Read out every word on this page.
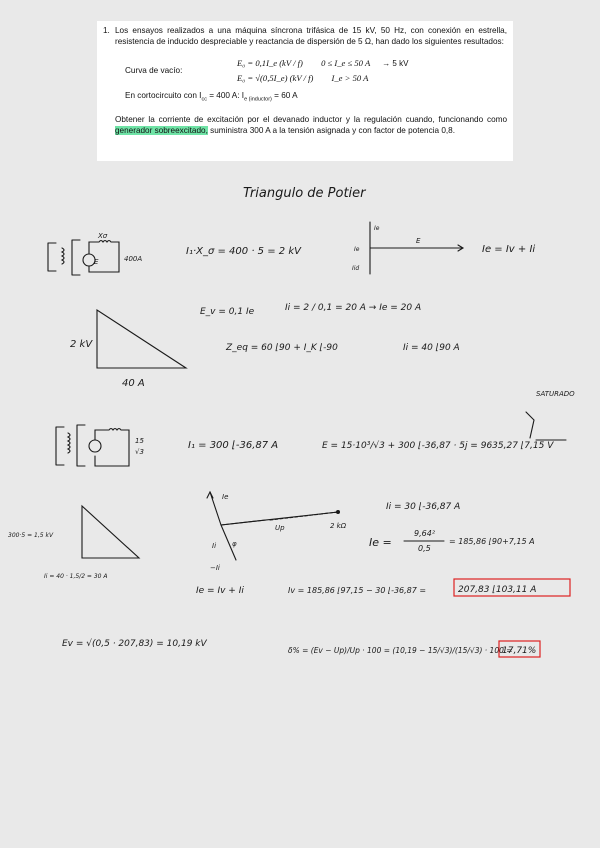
1. Los ensayos realizados a una máquina síncrona trifásica de 15 kV, 50 Hz, con conexión en estrella, resistencia de inducido despreciable y reactancia de dispersión de 5 Ω, han dado los siguientes resultados:
Curva de vacío:
E₀ = 0,1I_e (kV / f) 0 ≤ I_e ≤ 50 A → 5 kV
E₀ = √(0,5I_e) (kV / f) I_e > 50 A
En cortocircuito con $I_{cc} = 400$ A: $I_{e (inductor)} = 60$ A
Obtener la corriente de excitación por el devanado inductor y la regulación cuando, funcionando como generador sobreexcitado, suministra 300 A a la tensión asignada y con factor de potencia 0,8.
Triangulo de Potier
Xσ
E	400A
I₁·X_σ = 400 · 5 = 2 kV
Ie
Ie
Iid
E
Ie = Iv + Ii
E_v = 0,1 Ie	Ii = 2 / 0,1 = 20 A → Ie = 20 A
2 kV
40 A
Z_eq = 60 ⌊90 + I_K ⌊-90	Ii = 40 ⌊90 A
15
√3
I₁ = 300 ⌊-36,87 A	E = 15·10³/√3 + 300 ⌊-36,87 · 5j = 9635,27 ⌊7,15 V
SATURADO
Ie
Ii
−Ii
φ
Up	2 kΩ
Ii = 30 ⌊-36,87 A
300·5 = 1,5 kV
Ii = 40 · 1,5/2 = 30 A
Ie =
9,64²
0,5
= 185,86 ⌊90+7,15 A
Ie = Iv + Ii	Iv = 185,86 ⌊97,15 − 30 ⌊-36,87 =	207,83 ⌊103,11 A
Ev = √(0,5 · 207,83) = 10,19 kV
δ% = (Ev − Up)/Up · 100 = (10,19 − 15/√3)/(15/√3) · 100 =
17,71%
